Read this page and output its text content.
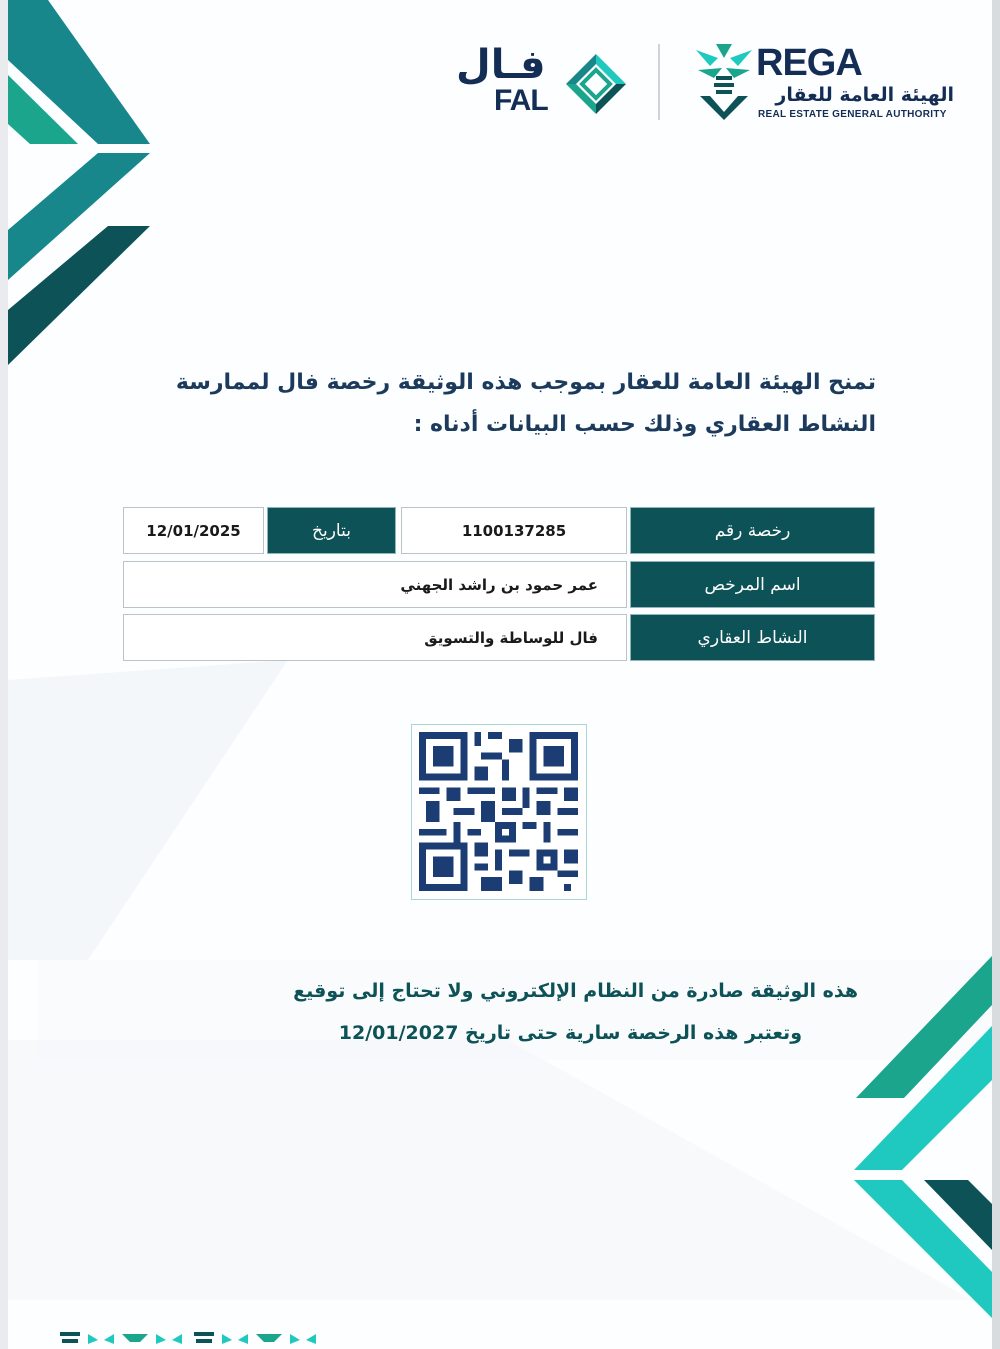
فـال
FAL
REGA
الهيئة العامة للعقار
REAL ESTATE GENERAL AUTHORITY
تمنح الهيئة العامة للعقار بموجب هذه الوثيقة رخصة فال لممارسة
النشاط العقاري وذلك حسب البيانات أدناه :
رخصة رقم
1100137285
بتاريخ
12/01/2025
اسم المرخص
عمر حمود بن راشد الجهني
النشاط العقاري
فال للوساطة والتسويق
هذه الوثيقة صادرة من النظام الإلكتروني ولا تحتاج إلى توقيع
وتعتبر هذه الرخصة سارية حتى تاريخ 12/01/2027
